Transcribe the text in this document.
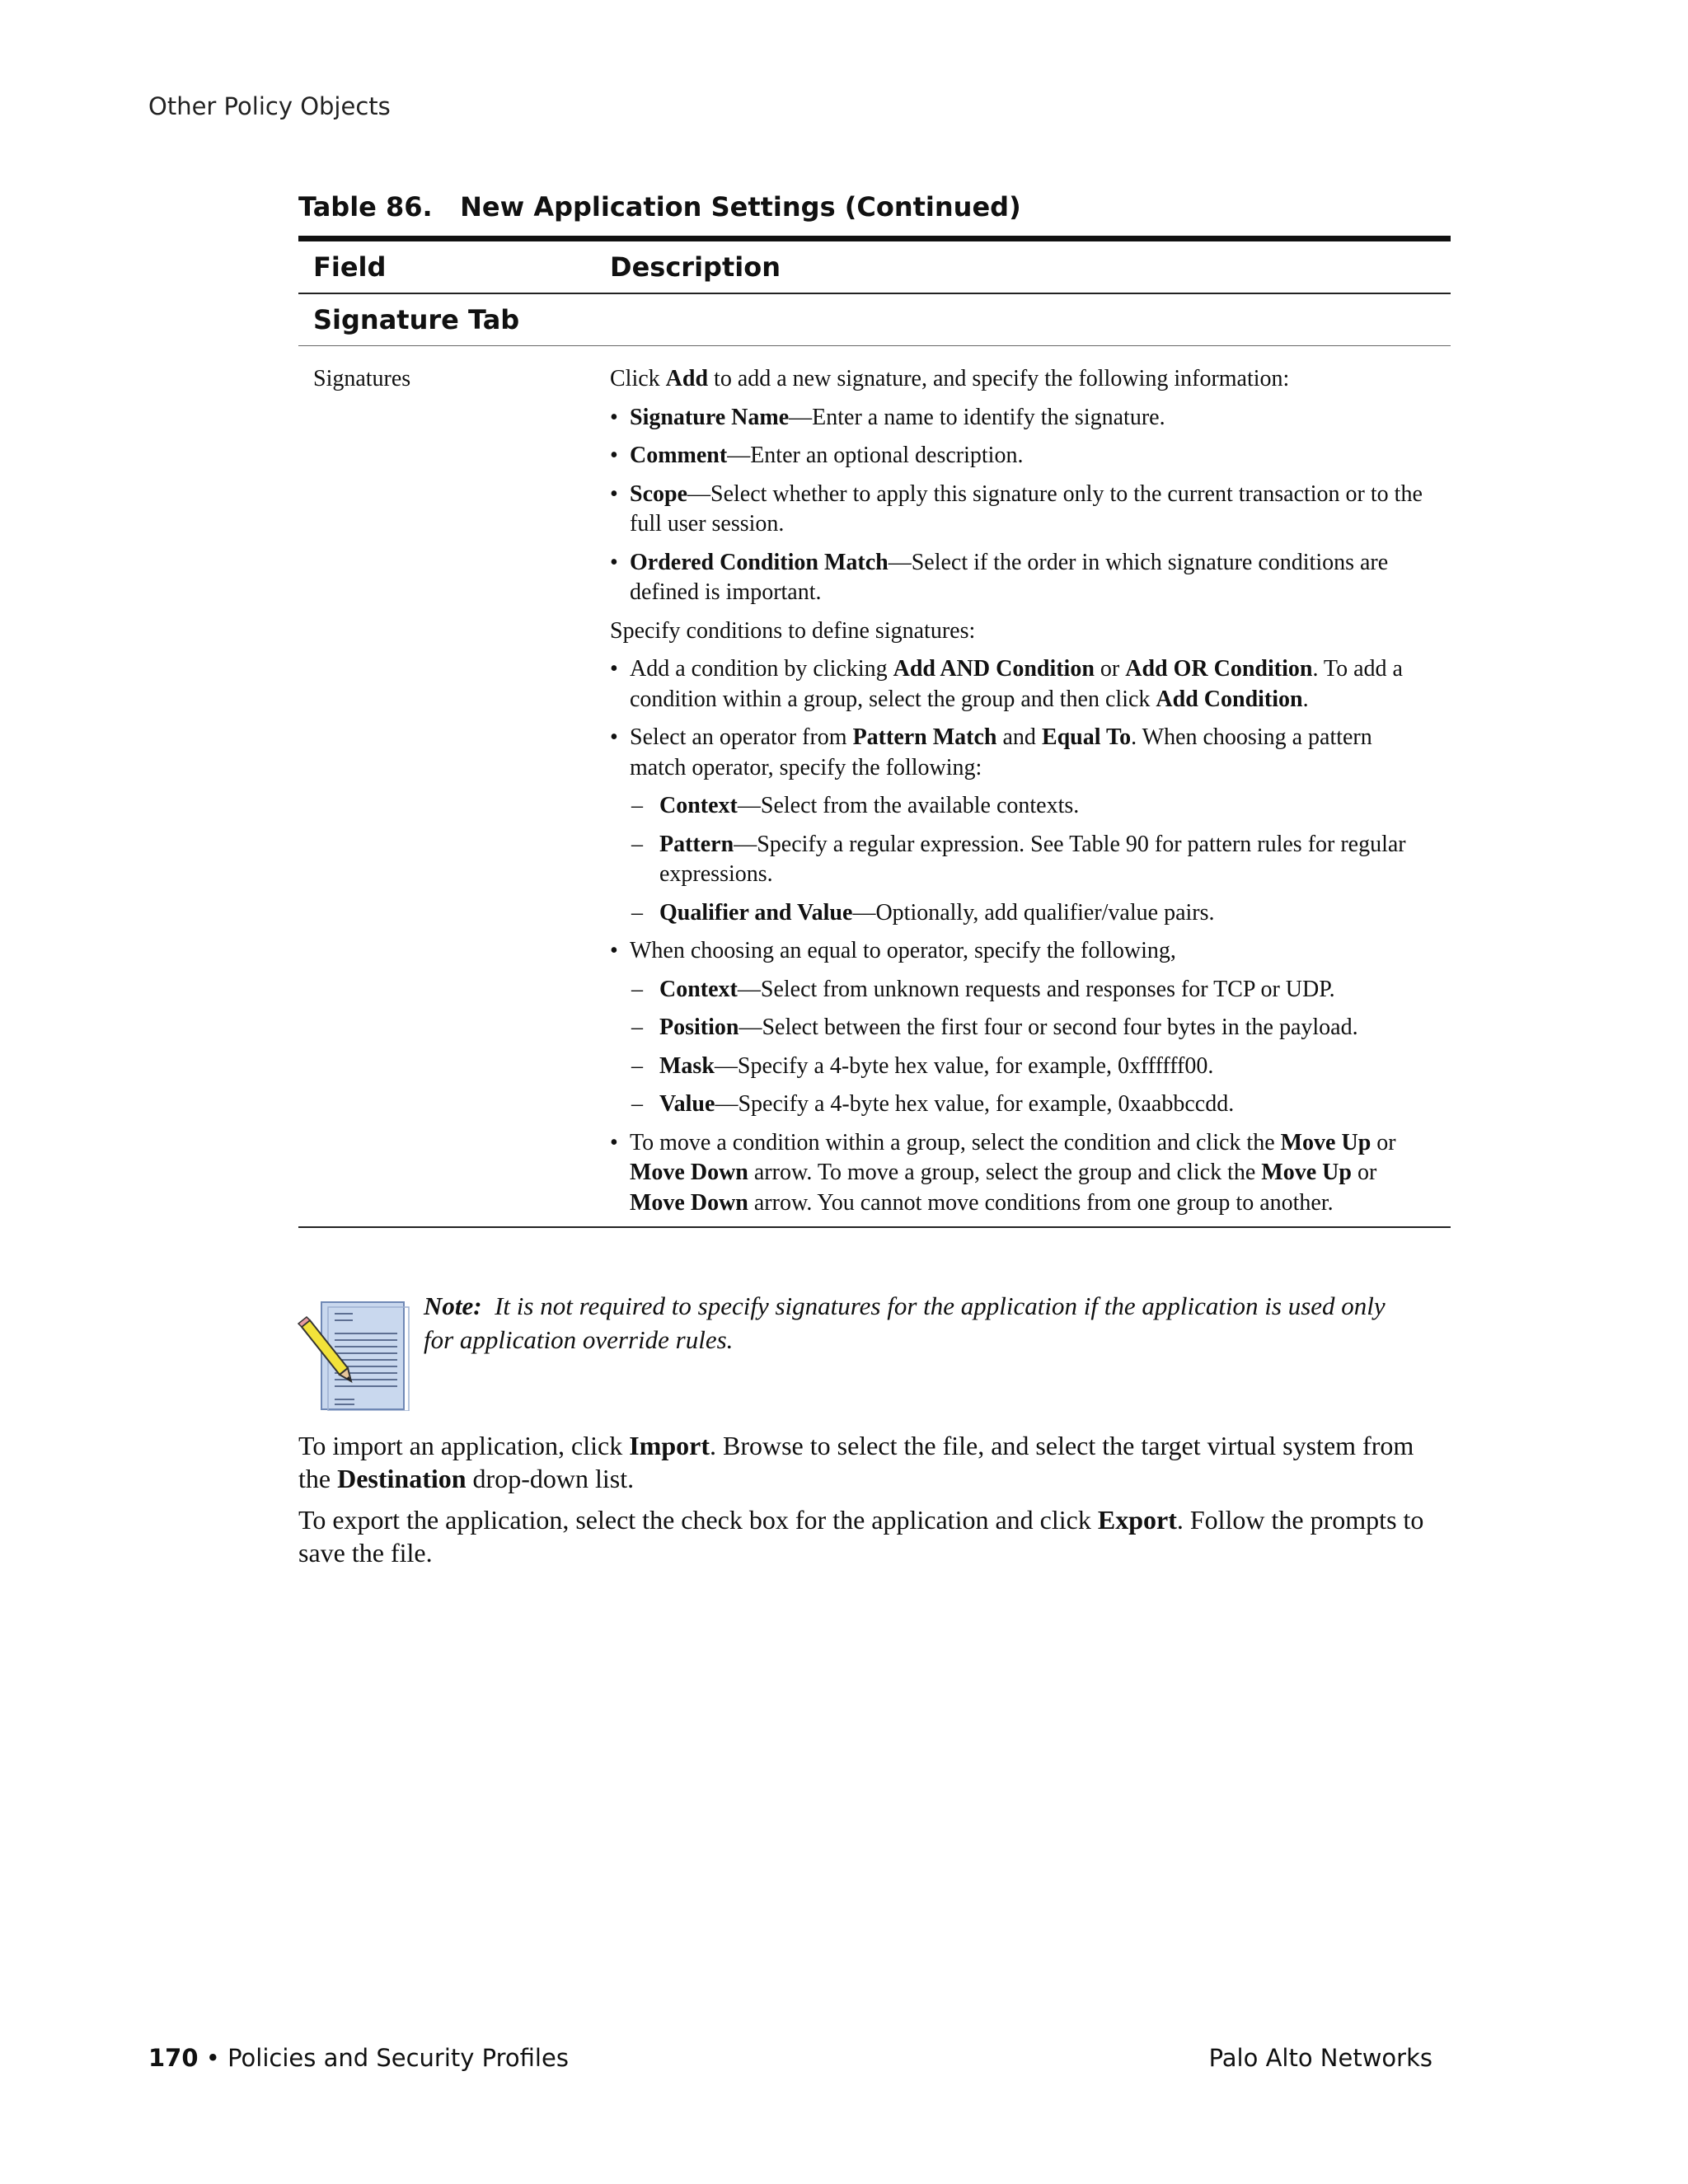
Other Policy Objects
Table 86.   New Application Settings (Continued)
Field	Description
Signature Tab
Signatures	Click Add to add a new signature, and specify the following information:

• Signature Name—Enter a name to identify the signature.
• Comment—Enter an optional description.
• Scope—Select whether to apply this signature only to the current transaction or to the full user session.
• Ordered Condition Match—Select if the order in which signature conditions are defined is important.

Specify conditions to define signatures:

• Add a condition by clicking Add AND Condition or Add OR Condition. To add a condition within a group, select the group and then click Add Condition.
• Select an operator from Pattern Match and Equal To. When choosing a pattern match operator, specify the following:
– Context—Select from the available contexts.
– Pattern—Specify a regular expression. See Table 90 for pattern rules for regular expressions.
– Qualifier and Value—Optionally, add qualifier/value pairs.
• When choosing an equal to operator, specify the following,
– Context—Select from unknown requests and responses for TCP or UDP.
– Position—Select between the first four or second four bytes in the payload.
– Mask—Specify a 4-byte hex value, for example, 0xffffff00.
– Value—Specify a 4-byte hex value, for example, 0xaabbccdd.
• To move a condition within a group, select the condition and click the Move Up or Move Down arrow. To move a group, select the group and click the Move Up or Move Down arrow. You cannot move conditions from one group to another.
Note: It is not required to specify signatures for the application if the application is used only for application override rules.
To import an application, click Import. Browse to select the file, and select the target virtual system from the Destination drop-down list.
To export the application, select the check box for the application and click Export. Follow the prompts to save the file.
170 • Policies and Security Profiles	Palo Alto Networks
